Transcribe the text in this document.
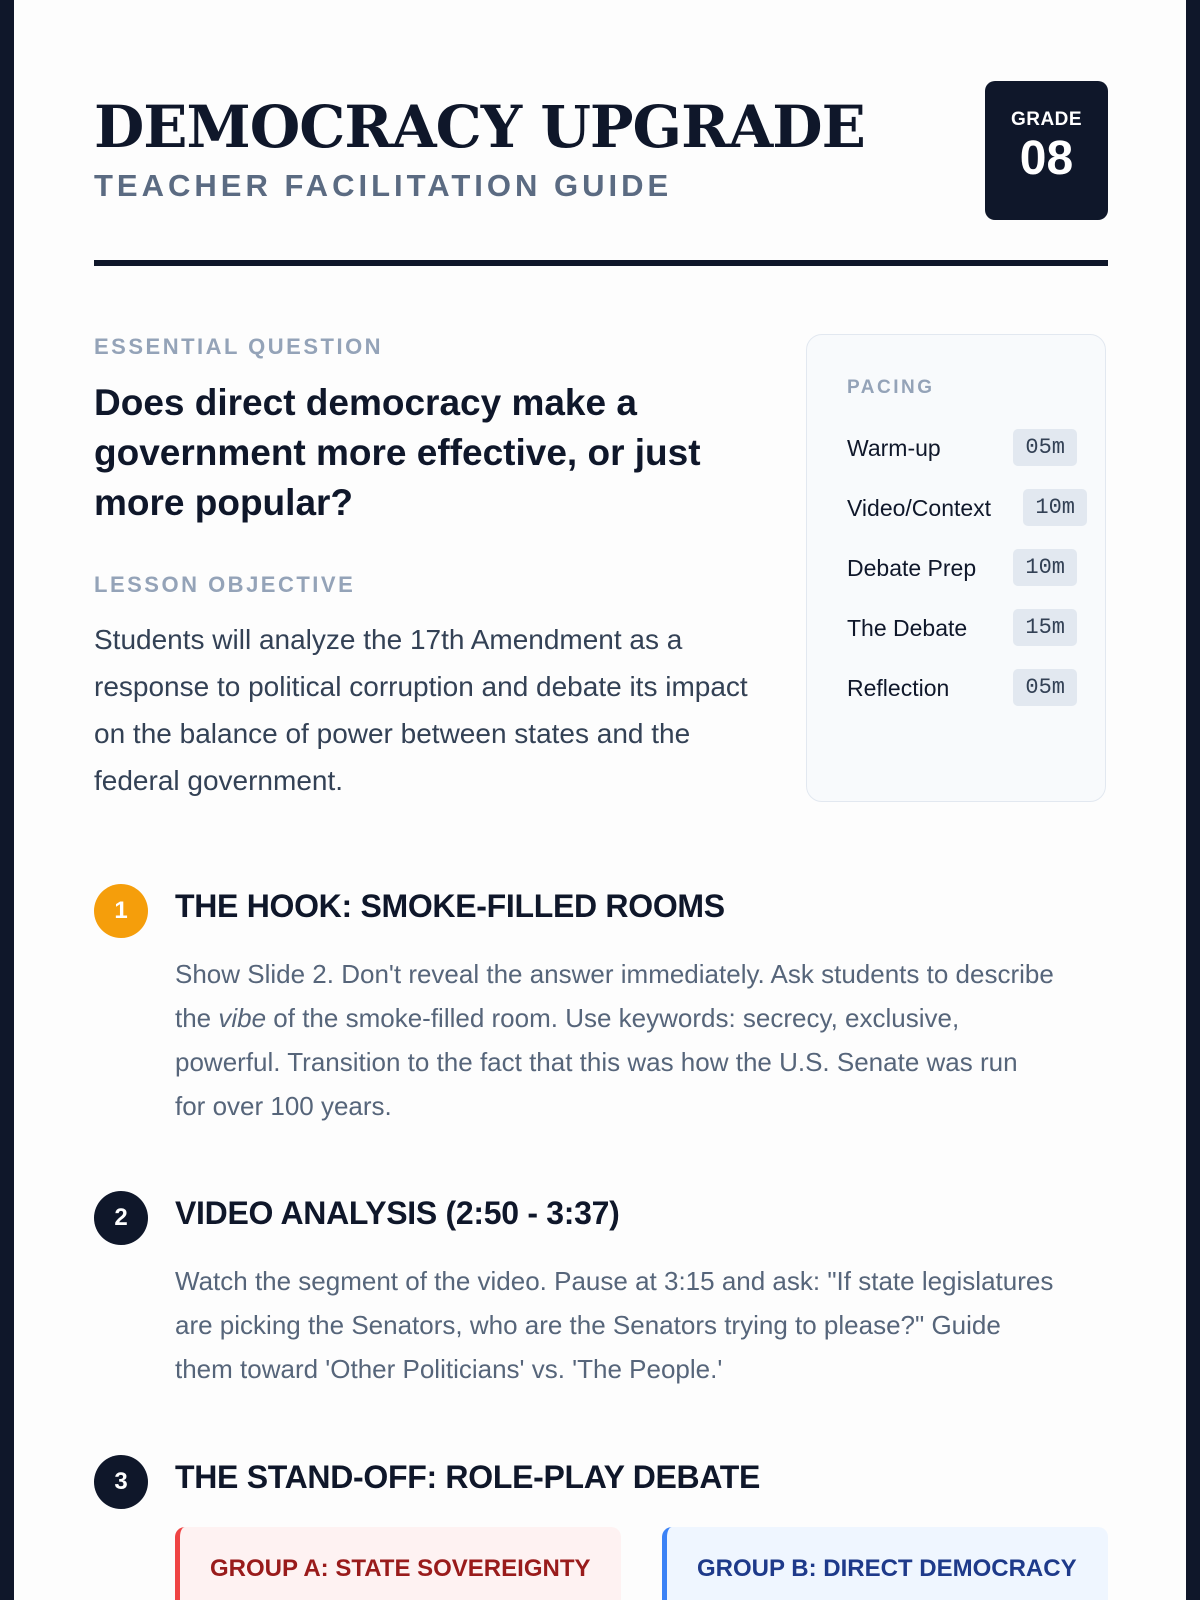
DEMOCRACY UPGRADE
TEACHER FACILITATION GUIDE
GRADE
08
ESSENTIAL QUESTION

Does direct democracy make a government more effective, or just more popular?

LESSON OBJECTIVE

Students will analyze the 17th Amendment as a response to political corruption and debate its impact on the balance of power between states and the federal government.

PACING
Warm-up	05m
Video/Context	10m
Debate Prep	10m
The Debate	15m
Reflection	05m
1	THE HOOK: SMOKE-FILLED ROOMS

Show Slide 2. Don't reveal the answer immediately. Ask students to describe the vibe of the smoke-filled room. Use keywords: secrecy, exclusive, powerful. Transition to the fact that this was how the U.S. Senate was run for over 100 years.

2	VIDEO ANALYSIS (2:50 - 3:37)

Watch the segment of the video. Pause at 3:15 and ask: "If state legislatures are picking the Senators, who are the Senators trying to please?" Guide them toward 'Other Politicians' vs. 'The People.'

3	THE STAND-OFF: ROLE-PLAY DEBATE
GROUP A: STATE SOVEREIGNTY	GROUP B: DIRECT DEMOCRACY
